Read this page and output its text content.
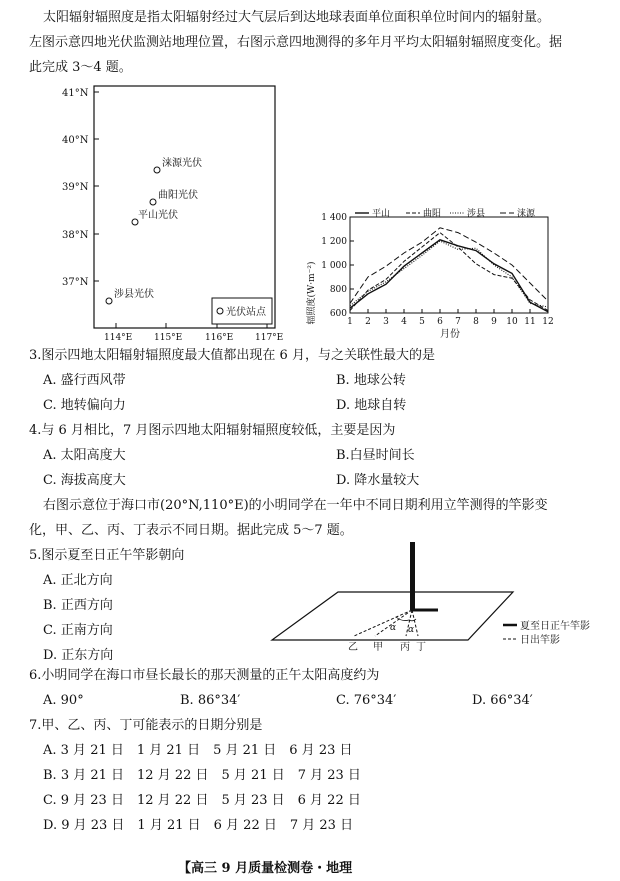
太阳辐射辐照度是指太阳辐射经过大气层后到达地球表面单位面积单位时间内的辐射量。
左图示意四地光伏监测站地理位置，右图示意四地测得的多年月平均太阳辐射辐照度变化。据
此完成 3～4 题。
41°N
40°N
39°N
38°N
37°N
114°E 115°E	116°E 117°E
涞源光伏
曲阳光伏
平山光伏
涉县光伏
光伏站点	600
800
1 000
1 200
1 400
1 2 3 4 5 6 7 8 9 10 11 12
平山	曲阳	涉县	涞源
辐照度(W·m⁻²)
月份
3.图示四地太阳辐射辐照度最大值都出现在 6 月，与之关联性最大的是
A. 盛行西风带	B. 地球公转
C. 地转偏向力	D. 地球自转
4.与 6 月相比，7 月图示四地太阳辐射辐照度较低，主要是因为
A. 太阳高度大	B.白昼时间长
C. 海拔高度大	D. 降水量较大
右图示意位于海口市(20°N,110°E)的小明同学在一年中不同日期利用立竿测得的竿影变
化，甲、乙、丙、丁表示不同日期。据此完成 5～7 题。
5.图示夏至日正午竿影朝向
A. 正北方向
B. 正西方向
C. 正南方向
D. 正东方向
α α
乙 甲 丙 丁
夏至日正午竿影
日出竿影
6.小明同学在海口市昼长最长的那天测量的正午太阳高度约为
A. 90°	B. 86°34′	C. 76°34′	D. 66°34′
7.甲、乙、丙、丁可能表示的日期分别是
A. 3 月 21 日　1 月 21 日　5 月 21 日　6 月 23 日
B. 3 月 21 日　12 月 22 日　5 月 21 日　7 月 23 日
C. 9 月 23 日　12 月 22 日　5 月 23 日　6 月 22 日
D. 9 月 23 日　1 月 21 日　6 月 22 日　7 月 23 日
【高三 9 月质量检测卷・地理
